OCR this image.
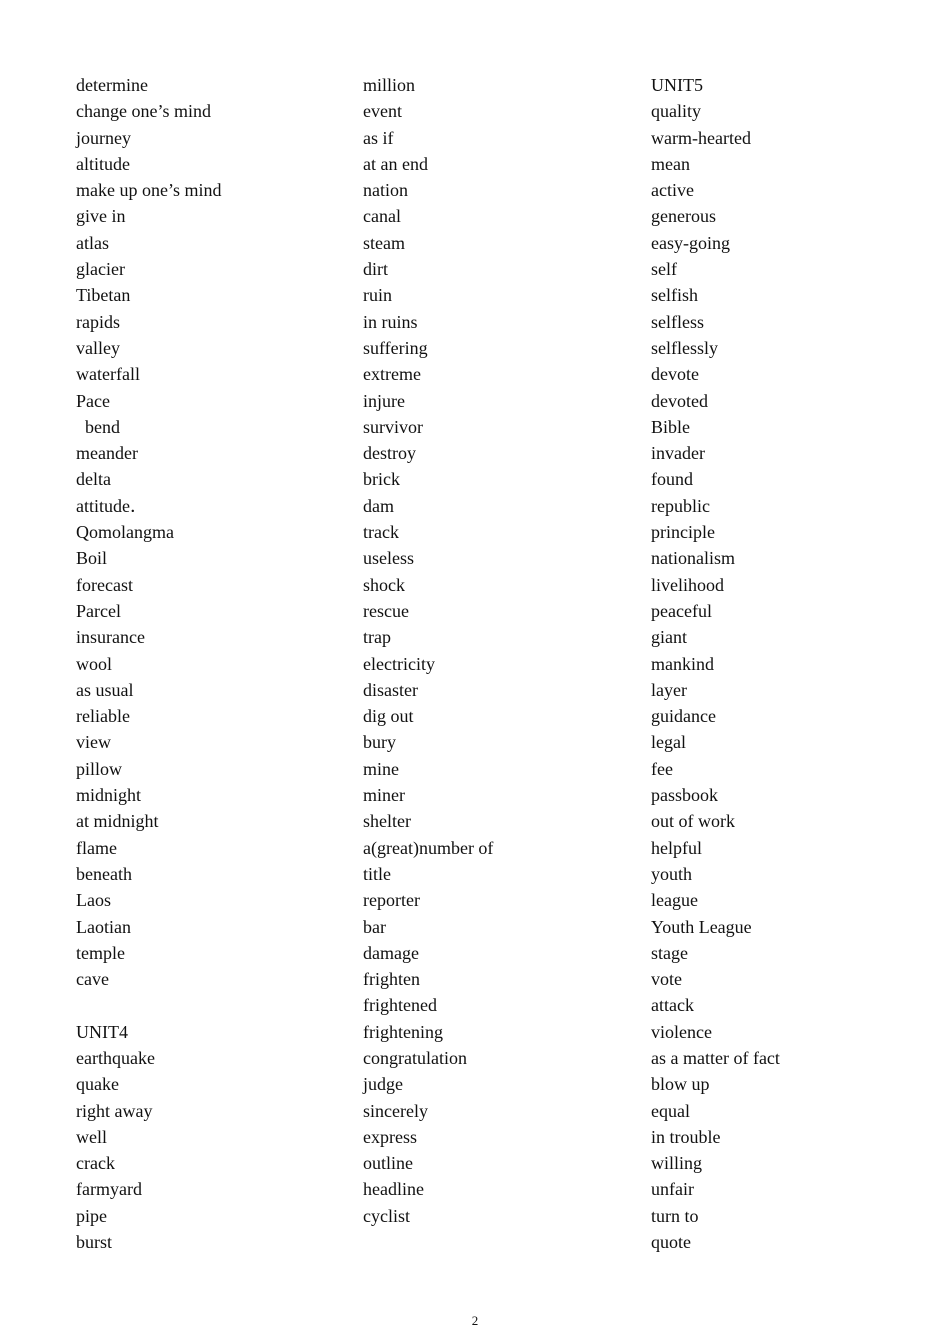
determine
change one’s mind
journey
altitude
make up one’s mind
give in
atlas
glacier
Tibetan
rapids
valley
waterfall
Pace
bend
meander
delta
attitude．
Qomolangma
Boil
forecast
Parcel
insurance
wool
as usual
reliable
view
pillow
midnight
at midnight
flame
beneath
Laos
Laotian
temple
cave
UNIT4
earthquake
quake
right away
well
crack
farmyard
pipe
burst
million
event
as if
at an end
nation
canal
steam
dirt
ruin
in ruins
suffering
extreme
injure
survivor
destroy
brick
dam
track
useless
shock
rescue
trap
electricity
disaster
dig out
bury
mine
miner
shelter
a(great)number of
title
reporter
bar
damage
frighten
frightened
frightening
congratulation
judge
sincerely
express
outline
headline
cyclist
UNIT5
quality
warm-hearted
mean
active
generous
easy-going
self
selfish
selfless
selflessly
devote
devoted
Bible
invader
found
republic
principle
nationalism
livelihood
peaceful
giant
mankind
layer
guidance
legal
fee
passbook
out of work
helpful
youth
league
Youth League
stage
vote
attack
violence
as a matter of fact
blow up
equal
in trouble
willing
unfair
turn to
quote
2
